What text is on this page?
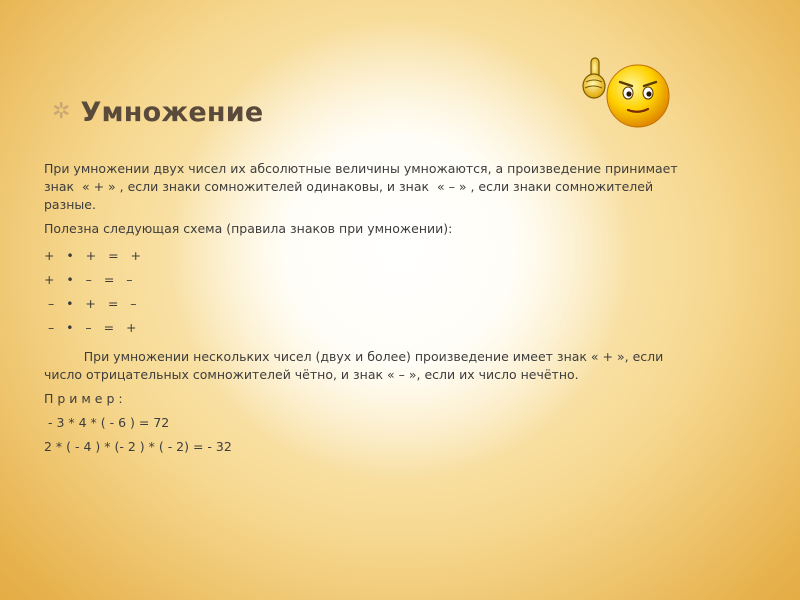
✲ Умножение

При умножении двух чисел их абсолютные величины умножаются, а произведение принимает

знак  « + » , если знаки сомножителей одинаковы, и знак  « – » , если знаки сомножителей

разные.

Полезна следующая схема (правила знаков при умножении):

+   •   +   =   +

+   •   –   =   –

–   •   +   =   –

–   •   –   =   +

При умножении нескольких чисел (двух и более) произведение имеет знак « + », если

число отрицательных сомножителей чётно, и знак « – », если их число нечётно.

П р и м е р :

- 3 * 4 * ( - 6 ) = 72

2 * ( - 4 ) * (- 2 ) * ( - 2) = - 32
